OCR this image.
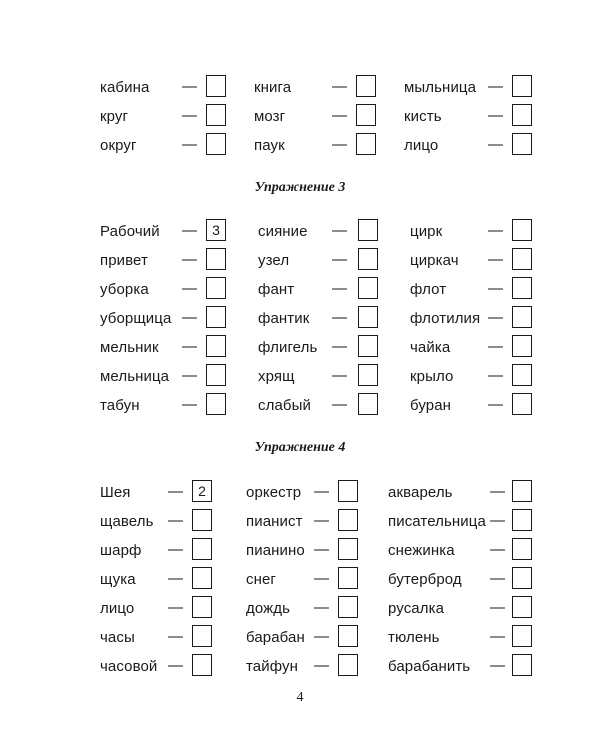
кабина —	книга	—	мыльница —
круг	—	мозг	—	кисть	—
округ	—	паук	—	лицо	—
Упражнение 3
Рабочий —	3	сияние —	цирк	—
привет —	узел	—	циркач —
уборка —	фант	—	флот	—
уборщица —	фантик —	флотилия —
мельник —	флигель —	чайка	—
мельница —	хрящ —	крыло —
табун	—	слабый —	буран —
Упражнение 4
Шея —	2	оркестр —	акварель —
щавель —	пианист —	писательница —
шарф —	пианино —	снежинка —
щука —	снег	—	бутерброд —
лицо —	дождь —	русалка	—
часы —	барабан —	тюлень	—
часовой —	тайфун —	барабанить —
4
